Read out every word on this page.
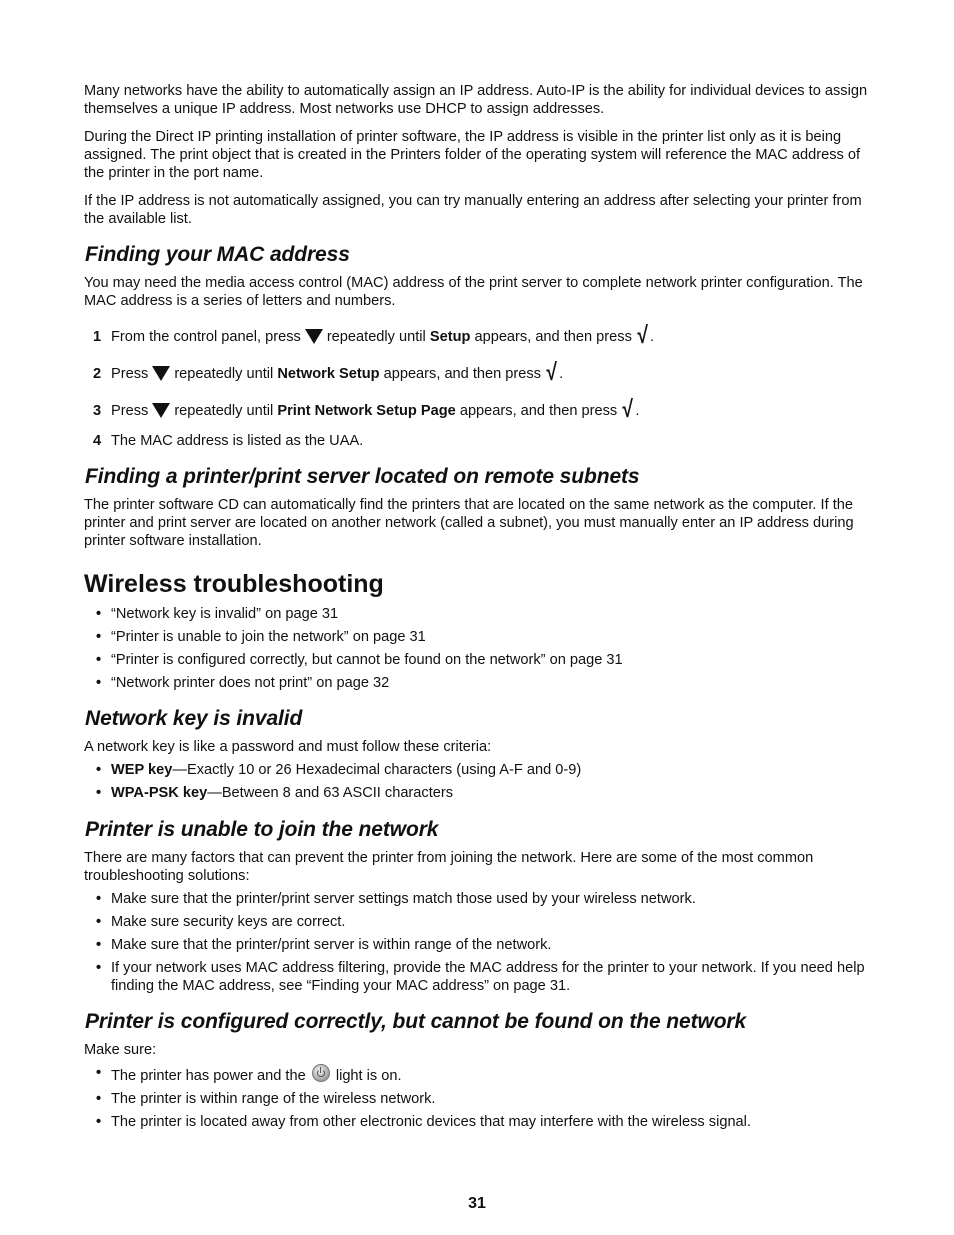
Many networks have the ability to automatically assign an IP address. Auto-IP is the ability for individual devices to assign themselves a unique IP address. Most networks use DHCP to assign addresses.

During the Direct IP printing installation of printer software, the IP address is visible in the printer list only as it is being assigned. The print object that is created in the Printers folder of the operating system will reference the MAC address of the printer in the port name.

If the IP address is not automatically assigned, you can try manually entering an address after selecting your printer from the available list.

Finding your MAC address

You may need the media access control (MAC) address of the print server to complete network printer configuration. The MAC address is a series of letters and numbers.

1 From the control panel, press repeatedly until
Setup
appears, and then press √ .
2 Press repeatedly until
Network Setup
appears, and then press √ .
3 Press repeatedly until
Print Network Setup Page
appears, and then press √ .
4 The MAC address is listed as the UAA.
Finding a printer/print server located on remote subnets

The printer software CD can automatically find the printers that are located on the same network as the computer. If the printer and print server are located on another network (called a subnet), you must manually enter an IP address during printer software installation.

Wireless troubleshooting
• “Network key is invalid” on page 31
• “Printer is unable to join the network” on page 31
• “Printer is configured correctly, but cannot be found on the network” on page 31
• “Network printer does not print” on page 32
Network key is invalid

A network key is like a password and must follow these criteria:

• WEP key—Exactly 10 or 26 Hexadecimal characters (using A-F and 0-9)
• WPA-PSK key—Between 8 and 63 ASCII characters
Printer is unable to join the network

There are many factors that can prevent the printer from joining the network. Here are some of the most common troubleshooting solutions:

• Make sure that the printer/print server settings match those used by your wireless network.
• Make sure security keys are correct.
• Make sure that the printer/print server is within range of the network.
• If your network uses MAC address filtering, provide the MAC address for the printer to your network. If you need help finding the MAC address, see “Finding your MAC address” on page 31.
Printer is configured correctly, but cannot be found on the network

Make sure:

• The printer has power and the light is on.
• The printer is within range of the wireless network.
• The printer is located away from other electronic devices that may interfere with the wireless signal.
31
